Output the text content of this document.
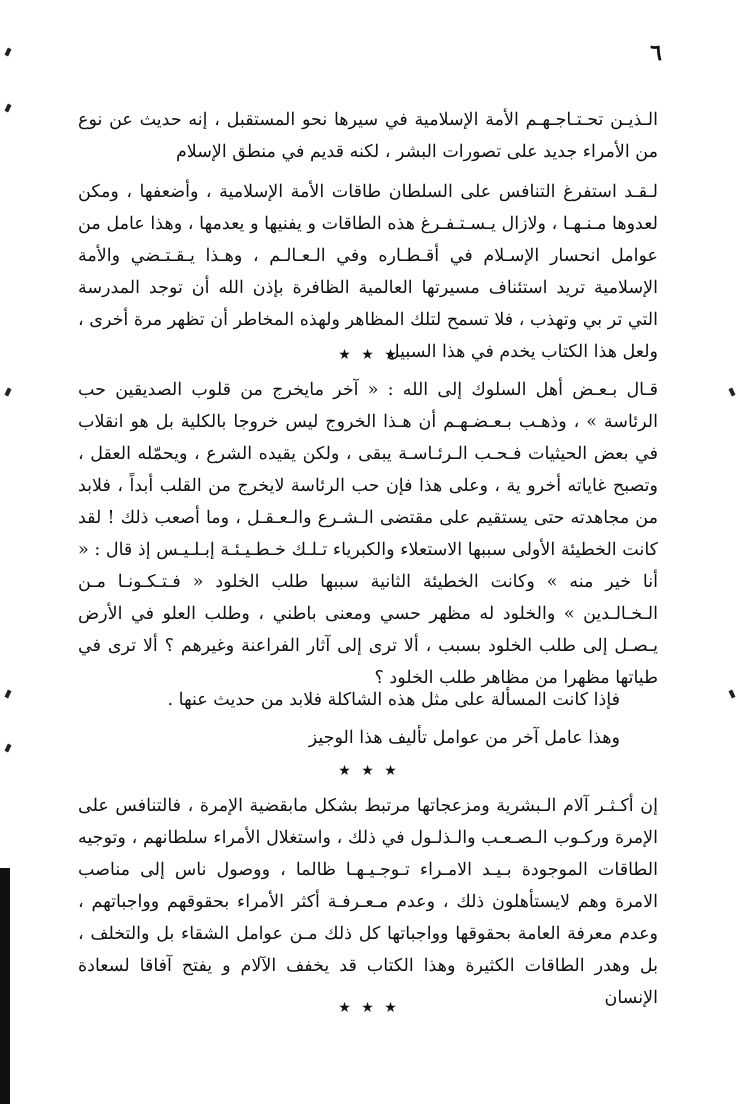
٦

الـذيـن تحـتـاجـهـم الأمة الإسلامية في سيرها نحو المستقبل ، إنه حديث عن نوع من الأمراء جديد على تصورات البشر ، لكنه قديم في منطق الإسلام

لـقـد استفرغ التنافس على السلطان طاقات الأمة الإسلامية ، وأضعفها ، ومكن لعدوها مـنـهـا ، ولازال يـسـتـفـرغ هذه الطاقات و يفنيها و يعدمها ، وهذا عامل من عوامل انحسار الإسـلام في أقـطـاره وفي الـعـالـم ، وهـذا يـقـتـضي والأمة الإسلامية تريد استئناف مسيرتها العالمية الظافرة بإذن الله أن توجد المدرسة التي تر بي وتهذب ، فلا تسمح لتلك المظاهر ولهذه المخاطر أن تظهر مرة أخرى ، ولعل هذا الكتاب يخدم في هذا السبيل

★ ★ ★

قـال بـعـض أهل السلوك إلى الله : « آخر مايخرج من قلوب الصديقين حب الرئاسة » ، وذهـب بـعـضـهـم أن هـذا الخروج ليس خروجا بالكلية بل هو انقلاب في بعض الحيثيات فـحـب الـرئـاسـة يبقى ، ولكن يقيده الشرع ، ويحمّله العقل ، وتصبح غاياته أخرو ية ، وعلى هذا فإن حب الرئاسة لايخرج من القلب أبداً ، فلابد من مجاهدته حتى يستقيم على مقتضى الـشـرع والـعـقـل ، وما أصعب ذلك ! لقد كانت الخطيئة الأولى سببها الاستعلاء والكبرياء تـلـك خـطـيـئـة إبـلـيـس إذ قال : « أنا خير منه » وكانت الخطيئة الثانية سببها طلب الخلود « فـتـكـونـا مـن الـخـالـدين » والخلود له مظهر حسي ومعنى باطني ، وطلب العلو في الأرض يـصـل إلى طلب الخلود بسبب ، ألا ترى إلى آثار الفراعنة وغيرهم ؟ ألا ترى في طياتها مظهرا من مظاهر طلب الخلود ؟

فإذا كانت المسألة على مثل هذه الشاكلة فلابد من حديث عنها .
وهذا عامل آخر من عوامل تأليف هذا الوجيز
★ ★ ★

إن أكـثـر آلام الـبشرية ومزعجاتها مرتبط بشكل مابقضية الإمرة ، فالتنافس على الإمرة وركـوب الـصـعـب والـذلـول في ذلك ، واستغلال الأمراء سلطانهم ، وتوجيه الطاقات الموجودة بـيـد الامـراء تـوجـيـهـا ظالما ، ووصول ناس إلى مناصب الامرة وهم لايستأهلون ذلك ، وعدم مـعـرفـة أكثر الأمراء بحقوقهم وواجباتهم ، وعدم معرفة العامة بحقوقها وواجباتها كل ذلك مـن عوامل الشقاء بل والتخلف ، بل وهدر الطاقات الكثيرة وهذا الكتاب قد يخفف الآلام و يفتح آفاقا لسعادة الإنسان

★ ★ ★
